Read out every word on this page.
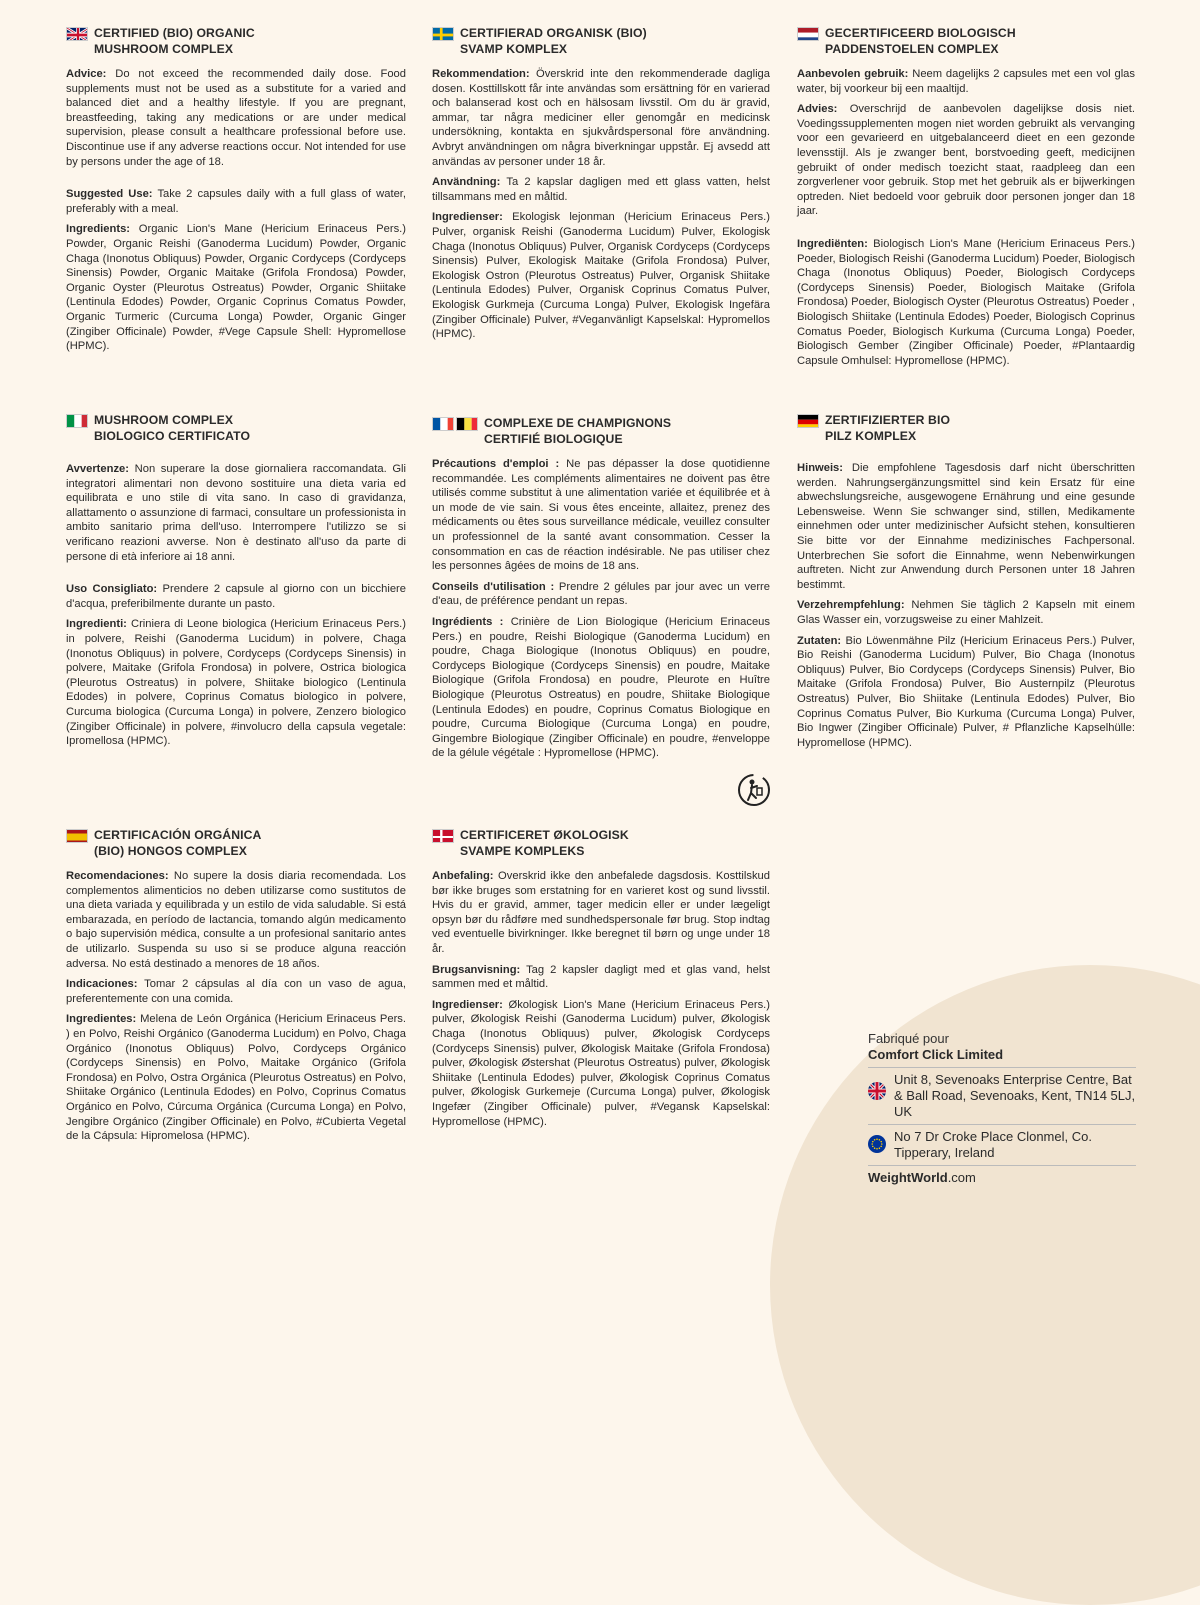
CERTIFIED (BIO) ORGANIC
MUSHROOM COMPLEX

Advice: Do not exceed the recommended daily dose. Food supplements must not be used as a substitute for a varied and balanced diet and a healthy lifestyle. If you are pregnant, breastfeeding, taking any medications or are under medical supervision, please consult a healthcare professional before use. Discontinue use if any adverse reactions occur. Not intended for use by persons under the age of 18.

Suggested Use: Take 2 capsules daily with a full glass of water, preferably with a meal.

Ingredients: Organic Lion's Mane (Hericium Erinaceus Pers.) Powder, Organic Reishi (Ganoderma Lucidum) Powder, Organic Chaga (Inonotus Obliquus) Powder, Organic Cordyceps (Cordyceps Sinensis) Powder, Organic Maitake (Grifola Frondosa) Powder, Organic Oyster (Pleurotus Ostreatus) Powder, Organic Shiitake (Lentinula Edodes) Powder, Organic Coprinus Comatus Powder, Organic Turmeric (Curcuma Longa) Powder, Organic Ginger (Zingiber Officinale) Powder, #Vege Capsule Shell: Hypromellose (HPMC).

CERTIFIERAD ORGANISK (BIO)
SVAMP KOMPLEX

Rekommendation: Överskrid inte den rekommenderade dagliga dosen. Kosttillskott får inte användas som ersättning för en varierad och balanserad kost och en hälsosam livsstil. Om du är gravid, ammar, tar några mediciner eller genomgår en medicinsk undersökning, kontakta en sjukvårdspersonal före användning. Avbryt användningen om några biverkningar uppstår. Ej avsedd att användas av personer under 18 år.

Användning: Ta 2 kapslar dagligen med ett glass vatten, helst tillsammans med en måltid.

Ingredienser: Ekologisk lejonman (Hericium Erinaceus Pers.) Pulver, organisk Reishi (Ganoderma Lucidum) Pulver, Ekologisk Chaga (Inonotus Obliquus) Pulver, Organisk Cordyceps (Cordyceps Sinensis) Pulver, Ekologisk Maitake (Grifola Frondosa) Pulver, Ekologisk Ostron (Pleurotus Ostreatus) Pulver, Organisk Shiitake (Lentinula Edodes) Pulver, Organisk Coprinus Comatus Pulver, Ekologisk Gurkmeja (Curcuma Longa) Pulver, Ekologisk Ingefära (Zingiber Officinale) Pulver, #Veganvänligt Kapselskal: Hypromellos (HPMC).

GECERTIFICEERD BIOLOGISCH
PADDENSTOELEN COMPLEX

Aanbevolen gebruik: Neem dagelijks 2 capsules met een vol glas water, bij voorkeur bij een maaltijd.

Advies: Overschrijd de aanbevolen dagelijkse dosis niet. Voedingssupplementen mogen niet worden gebruikt als vervanging voor een gevarieerd en uitgebalanceerd dieet en een gezonde levensstijl. Als je zwanger bent, borstvoeding geeft, medicijnen gebruikt of onder medisch toezicht staat, raadpleeg dan een zorgverlener voor gebruik. Stop met het gebruik als er bijwerkingen optreden. Niet bedoeld voor gebruik door personen jonger dan 18 jaar.

Ingrediënten: Biologisch Lion's Mane (Hericium Erinaceus Pers.) Poeder, Biologisch Reishi (Ganoderma Lucidum) Poeder, Biologisch Chaga (Inonotus Obliquus) Poeder, Biologisch Cordyceps (Cordyceps Sinensis) Poeder, Biologisch Maitake (Grifola Frondosa) Poeder, Biologisch Oyster (Pleurotus Ostreatus) Poeder , Biologisch Shiitake (Lentinula Edodes) Poeder, Biologisch Coprinus Comatus Poeder, Biologisch Kurkuma (Curcuma Longa) Poeder, Biologisch Gember (Zingiber Officinale) Poeder, #Plantaardig Capsule Omhulsel: Hypromellose (HPMC).

MUSHROOM COMPLEX
BIOLOGICO CERTIFICATO

Avvertenze: Non superare la dose giornaliera raccomandata. Gli integratori alimentari non devono sostituire una dieta varia ed equilibrata e uno stile di vita sano. In caso di gravidanza, allattamento o assunzione di farmaci, consultare un professionista in ambito sanitario prima dell'uso. Interrompere l'utilizzo se si verificano reazioni avverse. Non è destinato all'uso da parte di persone di età inferiore ai 18 anni.

Uso Consigliato: Prendere 2 capsule al giorno con un bicchiere d'acqua, preferibilmente durante un pasto.

Ingredienti: Criniera di Leone biologica (Hericium Erinaceus Pers.) in polvere, Reishi (Ganoderma Lucidum) in polvere, Chaga (Inonotus Obliquus) in polvere, Cordyceps (Cordyceps Sinensis) in polvere, Maitake (Grifola Frondosa) in polvere, Ostrica biologica (Pleurotus Ostreatus) in polvere, Shiitake biologico (Lentinula Edodes) in polvere, Coprinus Comatus biologico in polvere, Curcuma biologica (Curcuma Longa) in polvere, Zenzero biologico (Zingiber Officinale) in polvere, #involucro della capsula vegetale: Ipromellosa (HPMC).

COMPLEXE DE CHAMPIGNONS
CERTIFIÉ BIOLOGIQUE

Précautions d'emploi : Ne pas dépasser la dose quotidienne recommandée. Les compléments alimentaires ne doivent pas être utilisés comme substitut à une alimentation variée et équilibrée et à un mode de vie sain. Si vous êtes enceinte, allaitez, prenez des médicaments ou êtes sous surveillance médicale, veuillez consulter un professionnel de la santé avant consommation. Cesser la consommation en cas de réaction indésirable. Ne pas utiliser chez les personnes âgées de moins de 18 ans.

Conseils d'utilisation : Prendre 2 gélules par jour avec un verre d'eau, de préférence pendant un repas.

Ingrédients : Crinière de Lion Biologique (Hericium Erinaceus Pers.) en poudre, Reishi Biologique (Ganoderma Lucidum) en poudre, Chaga Biologique (Inonotus Obliquus) en poudre, Cordyceps Biologique (Cordyceps Sinensis) en poudre, Maitake Biologique (Grifola Frondosa) en poudre, Pleurote en Huître Biologique (Pleurotus Ostreatus) en poudre, Shiitake Biologique (Lentinula Edodes) en poudre, Coprinus Comatus Biologique en poudre, Curcuma Biologique (Curcuma Longa) en poudre, Gingembre Biologique (Zingiber Officinale) en poudre, #enveloppe de la gélule végétale : Hypromellose (HPMC).

ZERTIFIZIERTER BIO
PILZ KOMPLEX

Hinweis: Die empfohlene Tagesdosis darf nicht überschritten werden. Nahrungsergänzungsmittel sind kein Ersatz für eine abwechslungsreiche, ausgewogene Ernährung und eine gesunde Lebensweise. Wenn Sie schwanger sind, stillen, Medikamente einnehmen oder unter medizinischer Aufsicht stehen, konsultieren Sie bitte vor der Einnahme medizinisches Fachpersonal. Unterbrechen Sie sofort die Einnahme, wenn Nebenwirkungen auftreten. Nicht zur Anwendung durch Personen unter 18 Jahren bestimmt.

Verzehrempfehlung: Nehmen Sie täglich 2 Kapseln mit einem Glas Wasser ein, vorzugsweise zu einer Mahlzeit.

Zutaten: Bio Löwenmähne Pilz (Hericium Erinaceus Pers.) Pulver, Bio Reishi (Ganoderma Lucidum) Pulver, Bio Chaga (Inonotus Obliquus) Pulver, Bio Cordyceps (Cordyceps Sinensis) Pulver, Bio Maitake (Grifola Frondosa) Pulver, Bio Austernpilz (Pleurotus Ostreatus) Pulver, Bio Shiitake (Lentinula Edodes) Pulver, Bio Coprinus Comatus Pulver, Bio Kurkuma (Curcuma Longa) Pulver, Bio Ingwer (Zingiber Officinale) Pulver, # Pflanzliche Kapselhülle: Hypromellose (HPMC).

CERTIFICACIÓN ORGÁNICA
(BIO) HONGOS COMPLEX

Recomendaciones: No supere la dosis diaria recomendada. Los complementos alimenticios no deben utilizarse como sustitutos de una dieta variada y equilibrada y un estilo de vida saludable. Si está embarazada, en período de lactancia, tomando algún medicamento o bajo supervisión médica, consulte a un profesional sanitario antes de utilizarlo. Suspenda su uso si se produce alguna reacción adversa. No está destinado a menores de 18 años.

Indicaciones: Tomar 2 cápsulas al día con un vaso de agua, preferentemente con una comida.

Ingredientes: Melena de León Orgánica (Hericium Erinaceus Pers. ) en Polvo, Reishi Orgánico (Ganoderma Lucidum) en Polvo, Chaga Orgánico (Inonotus Obliquus) Polvo, Cordyceps Orgánico (Cordyceps Sinensis) en Polvo, Maitake Orgánico (Grifola Frondosa) en Polvo, Ostra Orgánica (Pleurotus Ostreatus) en Polvo, Shiitake Orgánico (Lentinula Edodes) en Polvo, Coprinus Comatus Orgánico en Polvo, Cúrcuma Orgánica (Curcuma Longa) en Polvo, Jengibre Orgánico (Zingiber Officinale) en Polvo, #Cubierta Vegetal de la Cápsula: Hipromelosa (HPMC).

CERTIFICERET ØKOLOGISK
SVAMPE KOMPLEKS

Anbefaling: Overskrid ikke den anbefalede dagsdosis. Kosttilskud bør ikke bruges som erstatning for en varieret kost og sund livsstil. Hvis du er gravid, ammer, tager medicin eller er under lægeligt opsyn bør du rådføre med sundhedspersonale før brug. Stop indtag ved eventuelle bivirkninger. Ikke beregnet til børn og unge under 18 år.

Brugsanvisning: Tag 2 kapsler dagligt med et glas vand, helst sammen med et måltid.

Ingredienser: Økologisk Lion's Mane (Hericium Erinaceus Pers.) pulver, Økologisk Reishi (Ganoderma Lucidum) pulver, Økologisk Chaga (Inonotus Obliquus) pulver, Økologisk Cordyceps (Cordyceps Sinensis) pulver, Økologisk Maitake (Grifola Frondosa) pulver, Økologisk Østershat (Pleurotus Ostreatus) pulver, Økologisk Shiitake (Lentinula Edodes) pulver, Økologisk Coprinus Comatus pulver, Økologisk Gurkemeje (Curcuma Longa) pulver, Økologisk Ingefær (Zingiber Officinale) pulver, #Vegansk Kapselskal: Hypromellose (HPMC).

Fabriqué pour
Comfort Click Limited
Unit 8, Sevenoaks Enterprise Centre, Bat & Ball Road, Sevenoaks, Kent, TN14 5LJ, UK
No 7 Dr Croke Place Clonmel, Co. Tipperary, Ireland
WeightWorld.com
